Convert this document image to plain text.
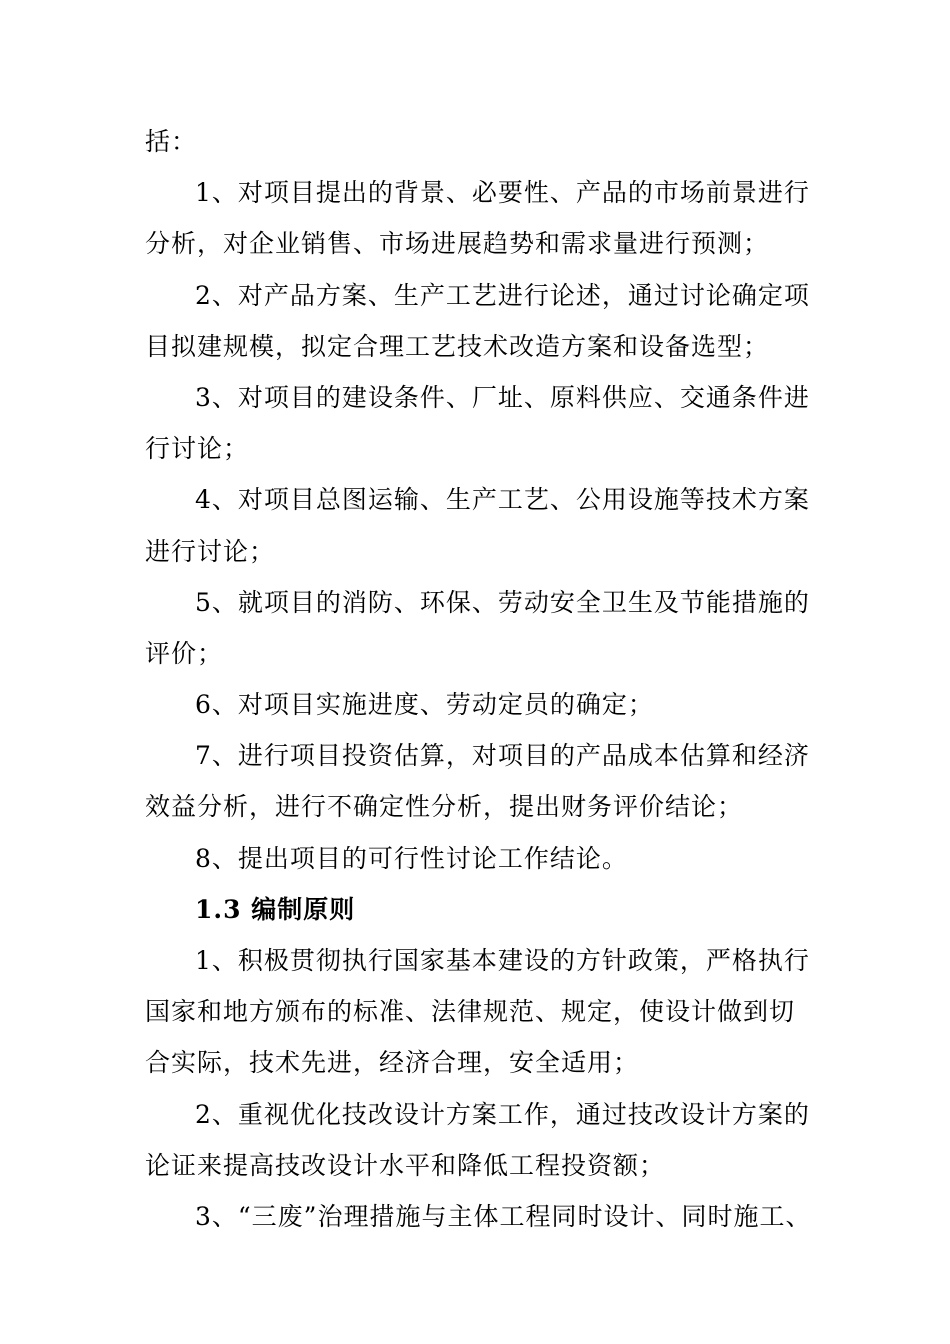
括：
1、对项目提出的背景、必要性、产品的市场前景进行
分析，对企业销售、市场进展趋势和需求量进行预测；
2、对产品方案、生产工艺进行论述，通过讨论确定项
目拟建规模，拟定合理工艺技术改造方案和设备选型；
3、对项目的建设条件、厂址、原料供应、交通条件进
行讨论；
4、对项目总图运输、生产工艺、公用设施等技术方案
进行讨论；
5、就项目的消防、环保、劳动安全卫生及节能措施的
评价；
6、对项目实施进度、劳动定员的确定；
7、进行项目投资估算，对项目的产品成本估算和经济
效益分析，进行不确定性分析，提出财务评价结论；
8、提出项目的可行性讨论工作结论。
1.3 编制原则
1、积极贯彻执行国家基本建设的方针政策，严格执行
国家和地方颁布的标准、法律规范、规定，使设计做到切
合实际，技术先进，经济合理，安全适用；
2、重视优化技改设计方案工作，通过技改设计方案的
论证来提高技改设计水平和降低工程投资额；
3、“三废”治理措施与主体工程同时设计、同时施工、
